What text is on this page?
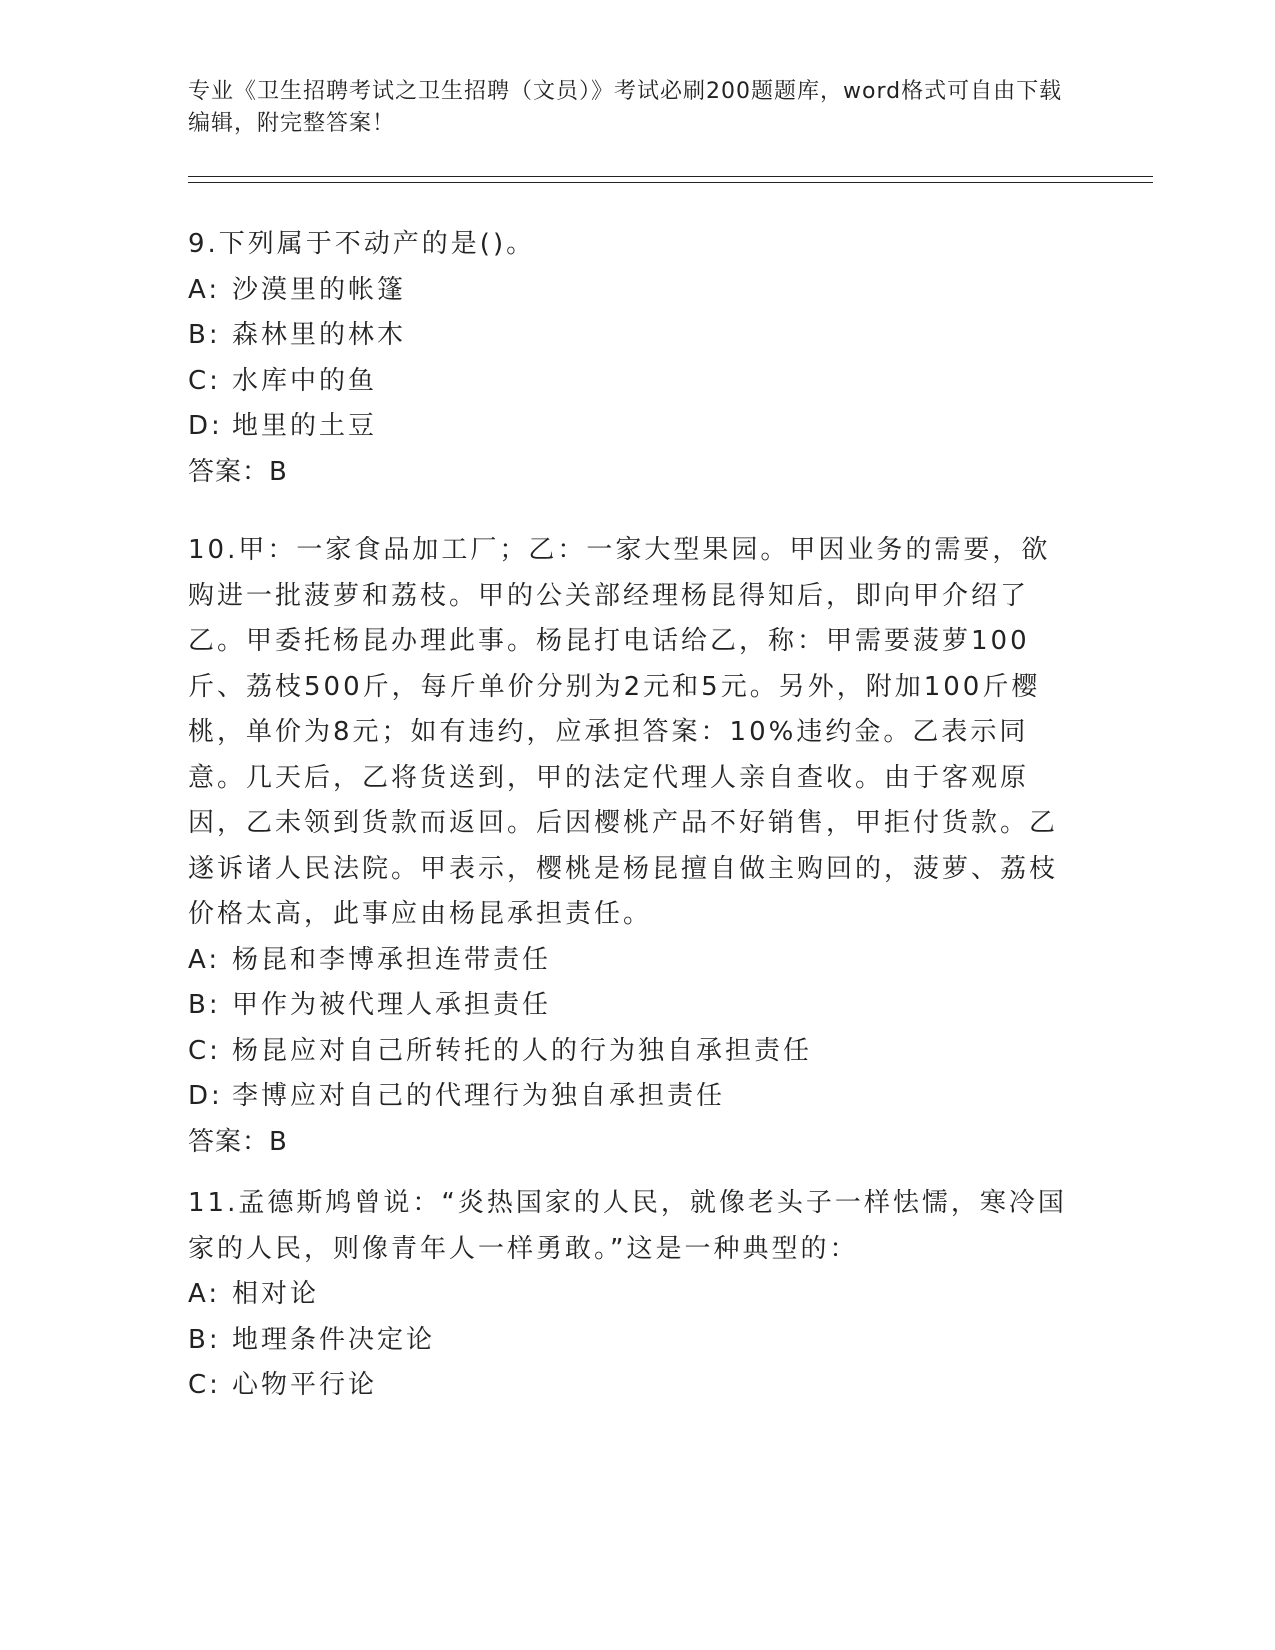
专业《卫生招聘考试之卫生招聘（文员）》考试必刷200题题库，word格式可自由下载编辑，附完整答案！

9.下列属于不动产的是()。

A: 沙漠里的帐篷

B: 森林里的林木

C: 水库中的鱼

D: 地里的土豆

答案：B

10.甲：一家食品加工厂；乙：一家大型果园。甲因业务的需要，欲购进一批菠萝和荔枝。甲的公关部经理杨昆得知后，即向甲介绍了乙。甲委托杨昆办理此事。杨昆打电话给乙，称：甲需要菠萝100斤、荔枝500斤，每斤单价分别为2元和5元。另外，附加100斤樱桃，单价为8元；如有违约，应承担答案：10%违约金。乙表示同意。几天后，乙将货送到，甲的法定代理人亲自查收。由于客观原因，乙未领到货款而返回。后因樱桃产品不好销售，甲拒付货款。乙遂诉诸人民法院。甲表示，樱桃是杨昆擅自做主购回的，菠萝、荔枝价格太高，此事应由杨昆承担责任。

A: 杨昆和李博承担连带责任

B: 甲作为被代理人承担责任

C: 杨昆应对自己所转托的人的行为独自承担责任

D: 李博应对自己的代理行为独自承担责任

答案：B

11.孟德斯鸠曾说：“炎热国家的人民，就像老头子一样怯懦，寒冷国家的人民，则像青年人一样勇敢。”这是一种典型的：

A: 相对论

B: 地理条件决定论

C: 心物平行论
